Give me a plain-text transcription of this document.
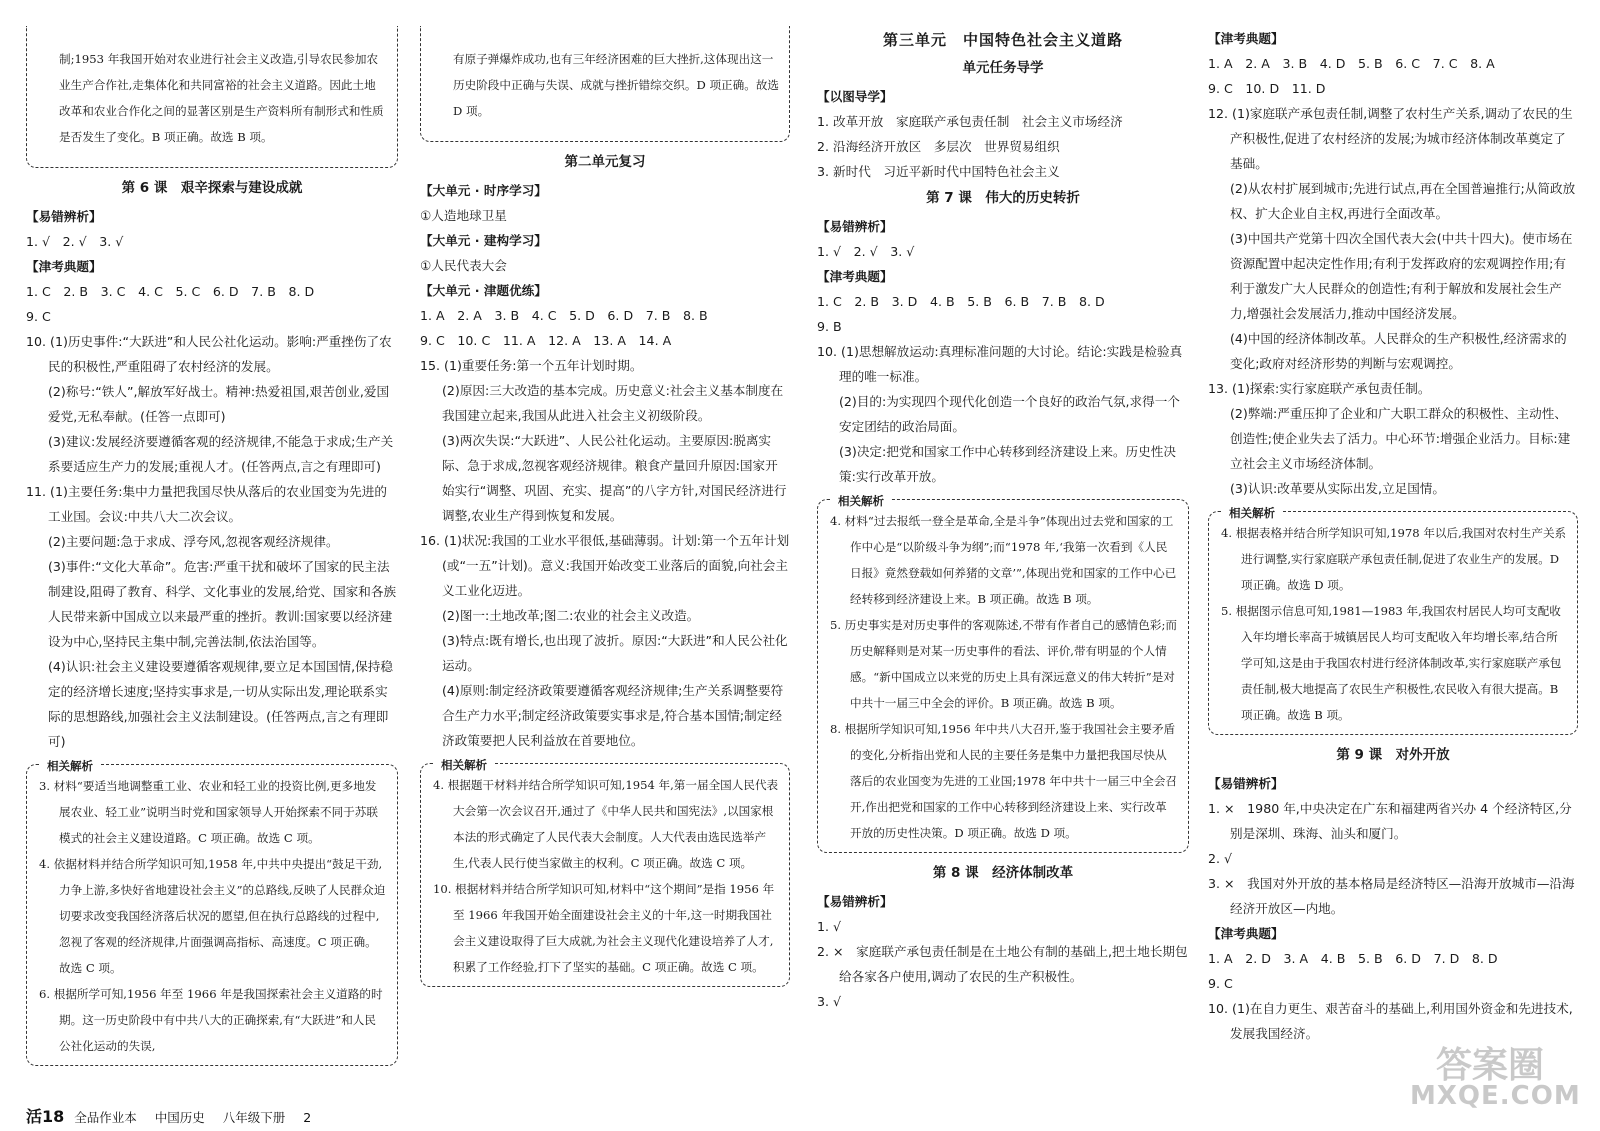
制;1953 年我国开始对农业进行社会主义改造,引导农民参加农业生产合作社,走集体化和共同富裕的社会主义道路。因此土地改革和农业合作化之间的显著区别是生产资料所有制形式和性质是否发生了变化。B 项正确。故选 B 项。

第 6 课　艰辛探索与建设成就

【易错辨析】

1. √　2. √　3. √

【津考典题】

1. C　2. B　3. C　4. C　5. C　6. D　7. B　8. D

9. C

10. (1)历史事件:“大跃进”和人民公社化运动。影响:严重挫伤了农民的积极性,严重阻碍了农村经济的发展。

(2)称号:“铁人”,解放军好战士。精神:热爱祖国,艰苦创业,爱国爱党,无私奉献。(任答一点即可)

(3)建议:发展经济要遵循客观的经济规律,不能急于求成;生产关系要适应生产力的发展;重视人才。(任答两点,言之有理即可)

11. (1)主要任务:集中力量把我国尽快从落后的农业国变为先进的工业国。会议:中共八大二次会议。

(2)主要问题:急于求成、浮夸风,忽视客观经济规律。

(3)事件:“文化大革命”。危害:严重干扰和破坏了国家的民主法制建设,阻碍了教育、科学、文化事业的发展,给党、国家和各族人民带来新中国成立以来最严重的挫折。教训:国家要以经济建设为中心,坚持民主集中制,完善法制,依法治国等。

(4)认识:社会主义建设要遵循客观规律,要立足本国国情,保持稳定的经济增长速度;坚持实事求是,一切从实际出发,理论联系实际的思想路线,加强社会主义法制建设。(任答两点,言之有理即可)

相关解析

3. 材料“要适当地调整重工业、农业和轻工业的投资比例,更多地发展农业、轻工业”说明当时党和国家领导人开始探索不同于苏联模式的社会主义建设道路。C 项正确。故选 C 项。

4. 依据材料并结合所学知识可知,1958 年,中共中央提出“鼓足干劲,力争上游,多快好省地建设社会主义”的总路线,反映了人民群众迫切要求改变我国经济落后状况的愿望,但在执行总路线的过程中,忽视了客观的经济规律,片面强调高指标、高速度。C 项正确。故选 C 项。

6. 根据所学可知,1956 年至 1966 年是我国探索社会主义道路的时期。这一历史阶段中有中共八大的正确探索,有“大跃进”和人民公社化运动的失误,

有原子弹爆炸成功,也有三年经济困难的巨大挫折,这体现出这一历史阶段中正确与失误、成就与挫折错综交织。D 项正确。故选 D 项。

第二单元复习

【大单元 · 时序学习】

①人造地球卫星

【大单元 · 建构学习】

①人民代表大会

【大单元 · 津题优练】

1. A　2. A　3. B　4. C　5. D　6. D　7. B　8. B

9. C　10. C　11. A　12. A　13. A　14. A

15. (1)重要任务:第一个五年计划时期。

(2)原因:三大改造的基本完成。历史意义:社会主义基本制度在我国建立起来,我国从此进入社会主义初级阶段。

(3)两次失误:“大跃进”、人民公社化运动。主要原因:脱离实际、急于求成,忽视客观经济规律。粮食产量回升原因:国家开始实行“调整、巩固、充实、提高”的八字方针,对国民经济进行调整,农业生产得到恢复和发展。

16. (1)状况:我国的工业水平很低,基础薄弱。计划:第一个五年计划(或“一五”计划)。意义:我国开始改变工业落后的面貌,向社会主义工业化迈进。

(2)图一:土地改革;图二:农业的社会主义改造。

(3)特点:既有增长,也出现了波折。原因:“大跃进”和人民公社化运动。

(4)原则:制定经济政策要遵循客观经济规律;生产关系调整要符合生产力水平;制定经济政策要实事求是,符合基本国情;制定经济政策要把人民利益放在首要地位。

相关解析

4. 根据题干材料并结合所学知识可知,1954 年,第一届全国人民代表大会第一次会议召开,通过了《中华人民共和国宪法》,以国家根本法的形式确定了人民代表大会制度。人大代表由选民选举产生,代表人民行使当家做主的权利。C 项正确。故选 C 项。

10. 根据材料并结合所学知识可知,材料中“这个期间”是指 1956 年至 1966 年我国开始全面建设社会主义的十年,这一时期我国社会主义建设取得了巨大成就,为社会主义现代化建设培养了人才,积累了工作经验,打下了坚实的基础。C 项正确。故选 C 项。

第三单元　中国特色社会主义道路

单元任务导学

【以图导学】

1. 改革开放　家庭联产承包责任制　社会主义市场经济

2. 沿海经济开放区　多层次　世界贸易组织

3. 新时代　习近平新时代中国特色社会主义

第 7 课　伟大的历史转折

【易错辨析】

1. √　2. √　3. √

【津考典题】

1. C　2. B　3. D　4. B　5. B　6. B　7. B　8. D

9. B

10. (1)思想解放运动:真理标准问题的大讨论。结论:实践是检验真理的唯一标准。

(2)目的:为实现四个现代化创造一个良好的政治气氛,求得一个安定团结的政治局面。

(3)决定:把党和国家工作中心转移到经济建设上来。历史性决策:实行改革开放。

相关解析

4. 材料“过去报纸一登全是革命,全是斗争”体现出过去党和国家的工作中心是“以阶级斗争为纲”;而“1978 年,‘我第一次看到《人民日报》竟然登载如何养猪的文章’”,体现出党和国家的工作中心已经转移到经济建设上来。B 项正确。故选 B 项。

5. 历史事实是对历史事件的客观陈述,不带有作者自己的感情色彩;而历史解释则是对某一历史事件的看法、评价,带有明显的个人情感。“新中国成立以来党的历史上具有深远意义的伟大转折”是对中共十一届三中全会的评价。B 项正确。故选 B 项。

8. 根据所学知识可知,1956 年中共八大召开,鉴于我国社会主要矛盾的变化,分析指出党和人民的主要任务是集中力量把我国尽快从落后的农业国变为先进的工业国;1978 年中共十一届三中全会召开,作出把党和国家的工作中心转移到经济建设上来、实行改革开放的历史性决策。D 项正确。故选 D 项。

第 8 课　经济体制改革

【易错辨析】

1. √

2. ×　家庭联产承包责任制是在土地公有制的基础上,把土地长期包给各家各户使用,调动了农民的生产积极性。

3. √

【津考典题】

1. A　2. A　3. B　4. D　5. B　6. C　7. C　8. A

9. C　10. D　11. D

12. (1)家庭联产承包责任制,调整了农村生产关系,调动了农民的生产积极性,促进了农村经济的发展;为城市经济体制改革奠定了基础。

(2)从农村扩展到城市;先进行试点,再在全国普遍推行;从简政放权、扩大企业自主权,再进行全面改革。

(3)中国共产党第十四次全国代表大会(中共十四大)。使市场在资源配置中起决定性作用;有利于发挥政府的宏观调控作用;有利于激发广大人民群众的创造性;有利于解放和发展社会生产力,增强社会发展活力,推动中国经济发展。

(4)中国的经济体制改革。人民群众的生产积极性,经济需求的变化;政府对经济形势的判断与宏观调控。

13. (1)探索:实行家庭联产承包责任制。

(2)弊端:严重压抑了企业和广大职工群众的积极性、主动性、创造性;使企业失去了活力。中心环节:增强企业活力。目标:建立社会主义市场经济体制。

(3)认识:改革要从实际出发,立足国情。

相关解析

4. 根据表格并结合所学知识可知,1978 年以后,我国对农村生产关系进行调整,实行家庭联产承包责任制,促进了农业生产的发展。D 项正确。故选 D 项。

5. 根据图示信息可知,1981—1983 年,我国农村居民人均可支配收入年均增长率高于城镇居民人均可支配收入年均增长率,结合所学可知,这是由于我国农村进行经济体制改革,实行家庭联产承包责任制,极大地提高了农民生产积极性,农民收入有很大提高。B 项正确。故选 B 项。

第 9 课　对外开放

【易错辨析】

1. ×　1980 年,中央决定在广东和福建两省兴办 4 个经济特区,分别是深圳、珠海、汕头和厦门。

2. √

3. ×　我国对外开放的基本格局是经济特区—沿海开放城市—沿海经济开放区—内地。

【津考典题】

1. A　2. D　3. A　4. B　5. B　6. D　7. D　8. D

9. C

10. (1)在自力更生、艰苦奋斗的基础上,利用国外资金和先进技术,发展我国经济。

活18 全品作业本 中国历史 八年级下册 2
答案圈
MXQE.COM
